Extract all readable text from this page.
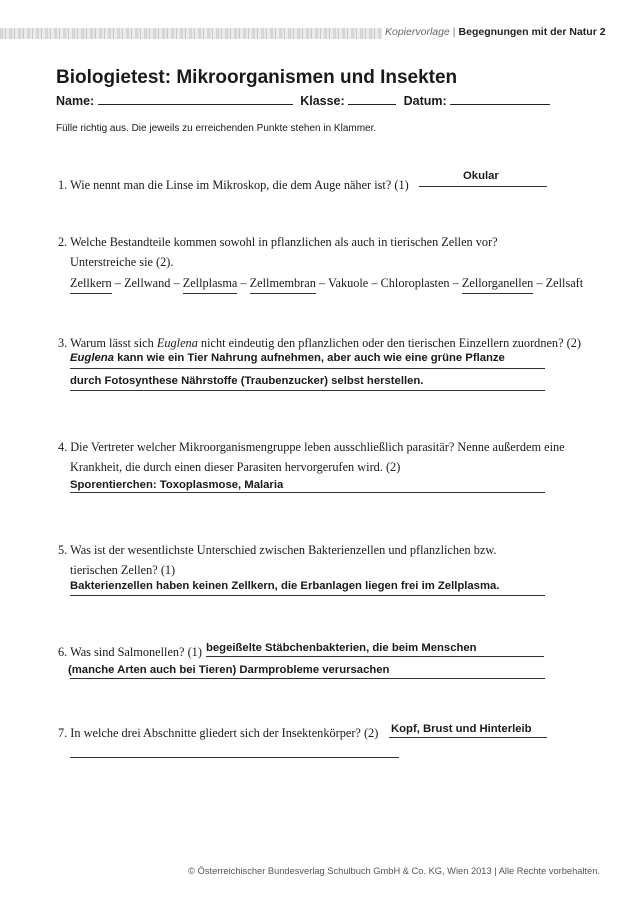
Kopiervorlage | Begegnungen mit der Natur 2
Biologietest: Mikroorganismen und Insekten
Name:	Klasse:	Datum:
Fülle richtig aus. Die jeweils zu erreichenden Punkte stehen in Klammer.
1. Wie nennt man die Linse im Mikroskop, die dem Auge näher ist? (1)
Okular
2. Welche Bestandteile kommen sowohl in pflanzlichen als auch in tierischen Zellen vor?
Unterstreiche sie (2).
Zellkern – Zellwand – Zellplasma – Zellmembran – Vakuole – Chloroplasten – Zellorganellen – Zellsaft
3. Warum lässt sich Euglena nicht eindeutig den pflanzlichen oder den tierischen Einzellern zuordnen? (2)
Euglena kann wie ein Tier Nahrung aufnehmen, aber auch wie eine grüne Pflanze
durch Fotosynthese Nährstoffe (Traubenzucker) selbst herstellen.
4. Die Vertreter welcher Mikroorganismengruppe leben ausschließlich parasitär? Nenne außerdem eine
Krankheit, die durch einen dieser Parasiten hervorgerufen wird. (2)
Sporentierchen: Toxoplasmose, Malaria
5. Was ist der wesentlichste Unterschied zwischen Bakterienzellen und pflanzlichen bzw.
tierischen Zellen? (1)
Bakterienzellen haben keinen Zellkern, die Erbanlagen liegen frei im Zellplasma.
6. Was sind Salmonellen? (1) begeißelte Stäbchenbakterien, die beim Menschen
(manche Arten auch bei Tieren) Darmprobleme verursachen
7. In welche drei Abschnitte gliedert sich der Insektenkörper? (2) Kopf, Brust und Hinterleib
© Österreichischer Bundesverlag Schulbuch GmbH & Co. KG, Wien 2013 | Alle Rechte vorbehalten.
